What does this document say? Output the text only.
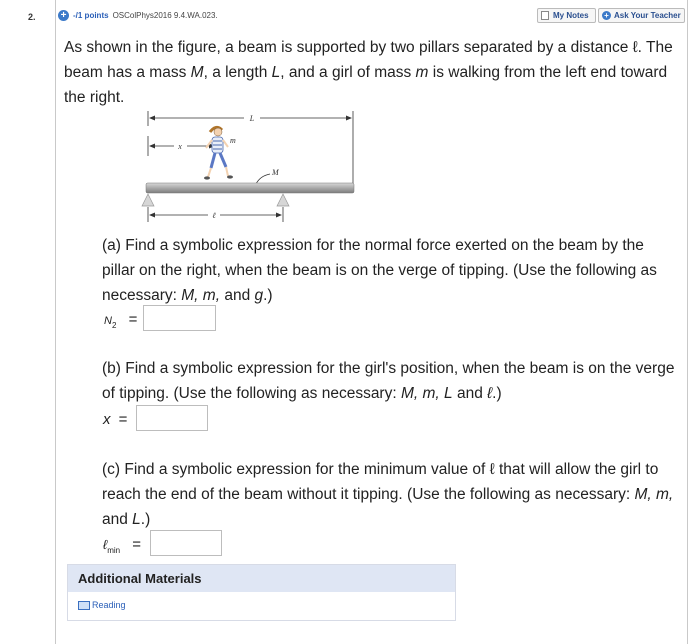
2.	+ -/1 points OSColPhys2016 9.4.WA.023.	My Notes	+ Ask Your Teacher
As shown in the figure, a beam is supported by two pillars separated by a distance ℓ. The beam has a mass M, a length L, and a girl of mass m is walking from the left end toward the right.
L
x
m
M
ℓ
(a) Find a symbolic expression for the normal force exerted on the beam by the pillar on the right, when the beam is on the verge of tipping. (Use the following as necessary: M, m, and g.)
$N_2$ =
(b) Find a symbolic expression for the girl's position, when the beam is on the verge of tipping. (Use the following as necessary: M, m, L and ℓ.)
x =
(c) Find a symbolic expression for the minimum value of ℓ that will allow the girl to reach the end of the beam without it tipping. (Use the following as necessary: M, m, and L.)
ℓ$_{min}$ =
Additional Materials
Reading
